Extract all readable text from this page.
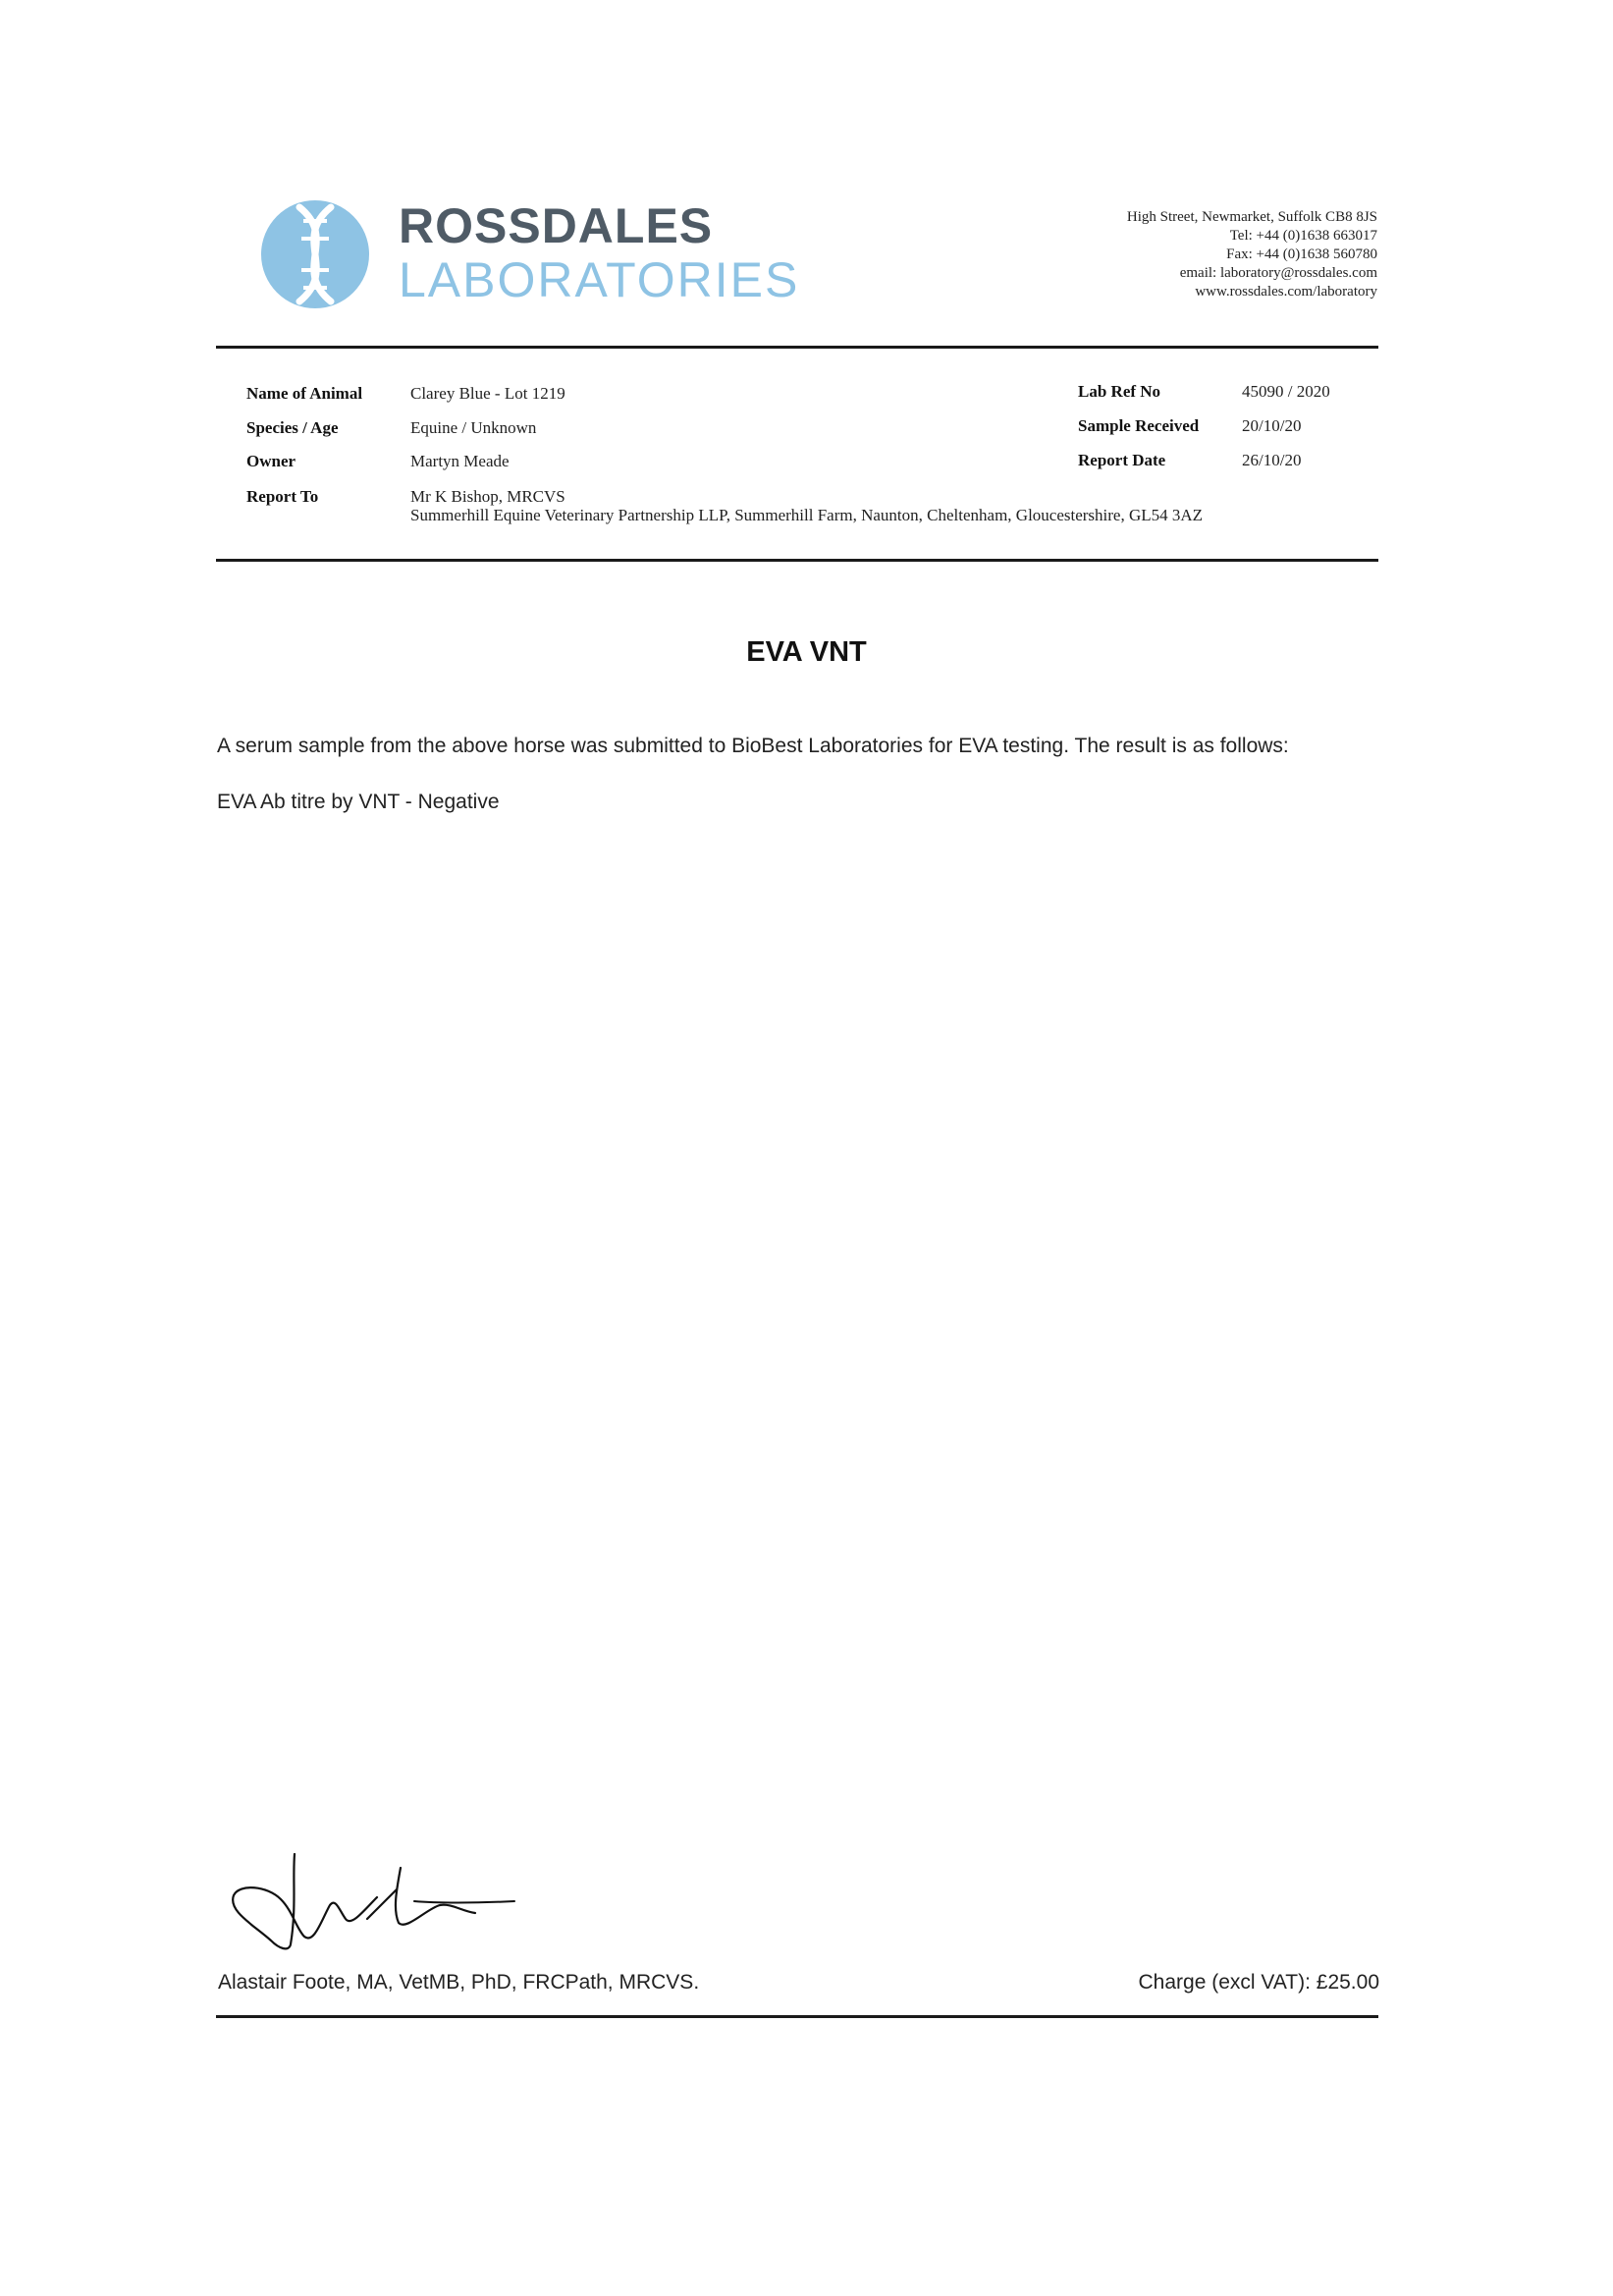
ROSSDALES
LABORATORIES
High Street, Newmarket, Suffolk CB8 8JS
Tel: +44 (0)1638 663017
Fax: +44 (0)1638 560780
email: laboratory@rossdales.com
www.rossdales.com/laboratory
Name of Animal	Clarey Blue - Lot 1219
Species / Age	Equine / Unknown
Owner	Martyn Meade
Report To	Mr K Bishop, MRCVS
Summerhill Equine Veterinary Partnership LLP, Summerhill Farm, Naunton, Cheltenham, Gloucestershire, GL54 3AZ
Lab Ref No	45090 / 2020
Sample Received	20/10/20
Report Date	26/10/20
EVA VNT
A serum sample from the above horse was submitted to BioBest Laboratories for EVA testing. The result is as follows:
EVA Ab titre by VNT - Negative
Alastair Foote, MA, VetMB, PhD, FRCPath, MRCVS.	Charge (excl VAT): £25.00
